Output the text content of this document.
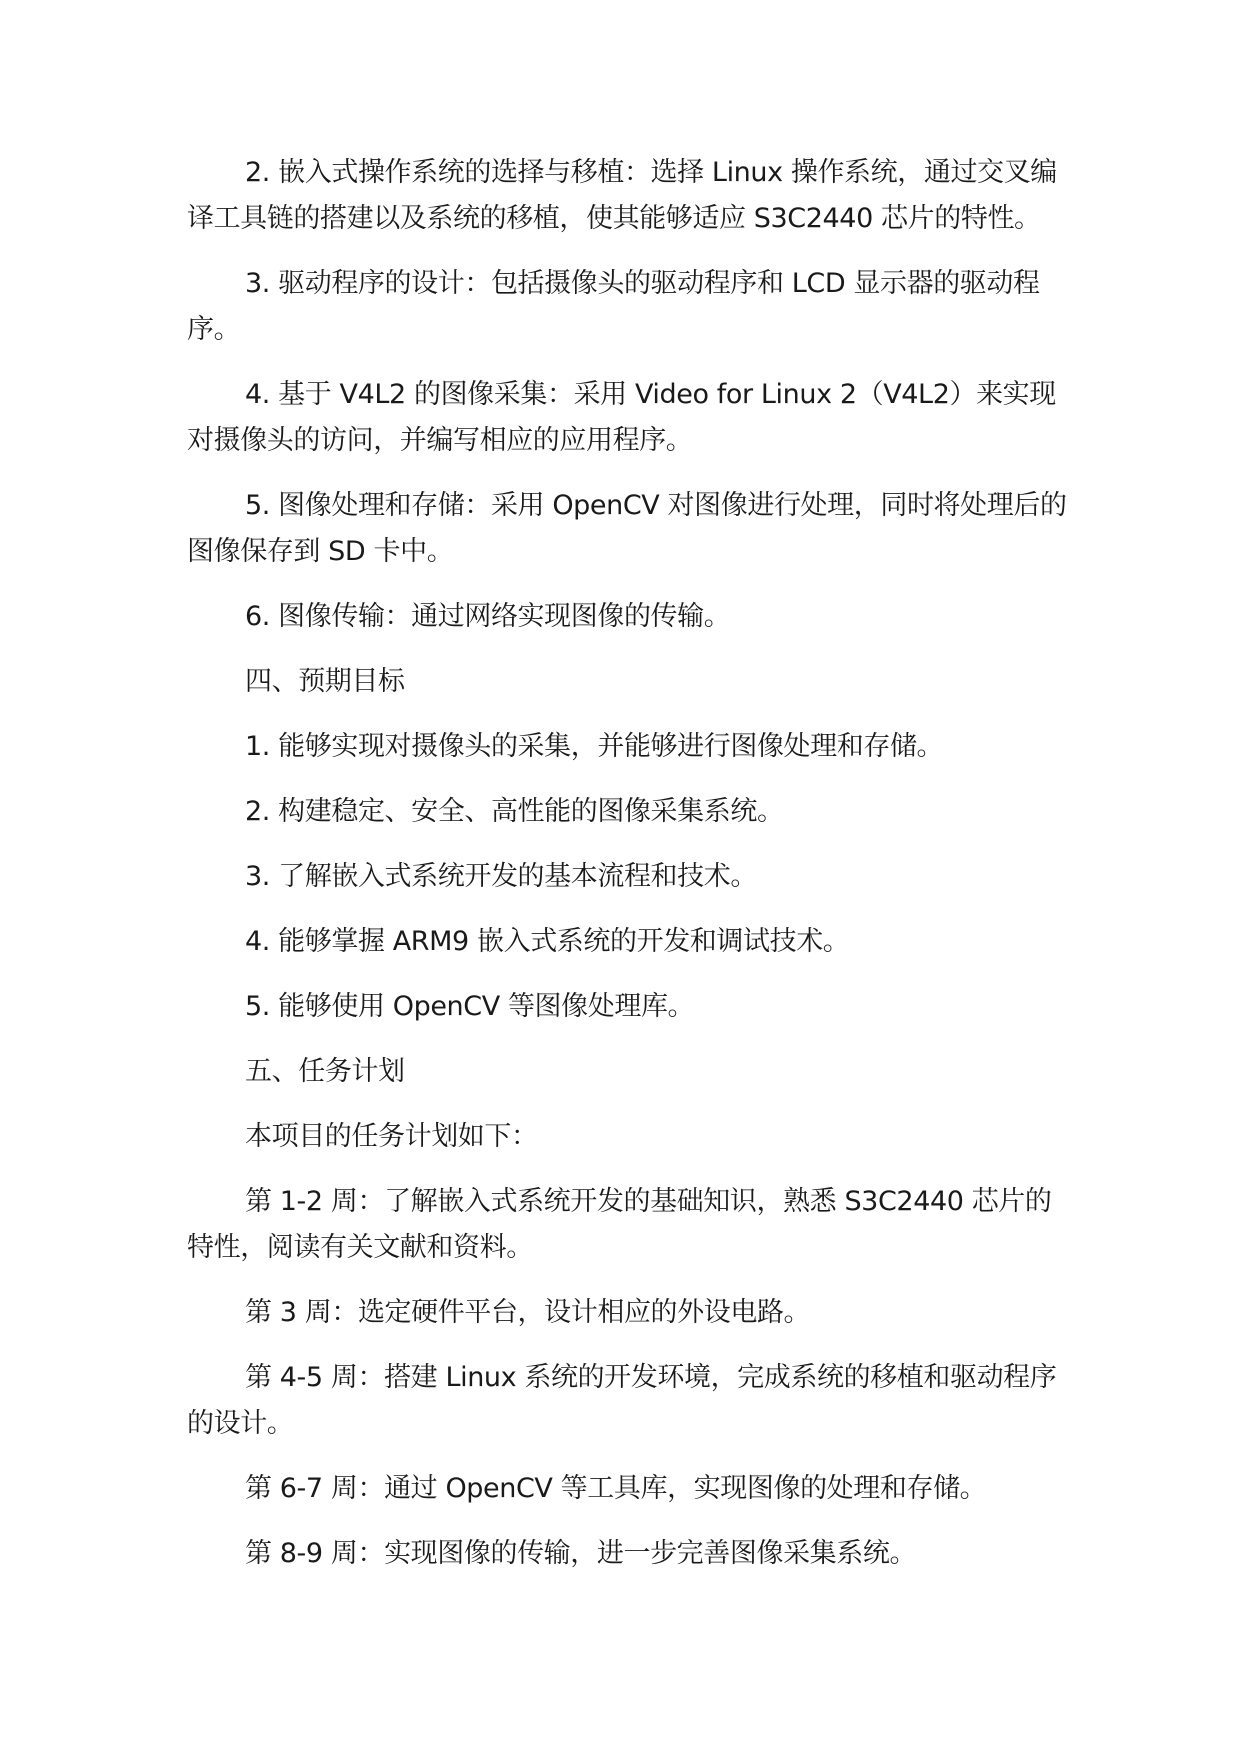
2. 嵌入式操作系统的选择与移植：选择 Linux 操作系统，通过交叉编译工具链的搭建以及系统的移植，使其能够适应 S3C2440 芯片的特性。

3. 驱动程序的设计：包括摄像头的驱动程序和 LCD 显示器的驱动程序。

4. 基于 V4L2 的图像采集：采用 Video for Linux 2（V4L2）来实现对摄像头的访问，并编写相应的应用程序。

5. 图像处理和存储：采用 OpenCV 对图像进行处理，同时将处理后的图像保存到 SD 卡中。

6. 图像传输：通过网络实现图像的传输。

四、预期目标

1. 能够实现对摄像头的采集，并能够进行图像处理和存储。

2. 构建稳定、安全、高性能的图像采集系统。

3. 了解嵌入式系统开发的基本流程和技术。

4. 能够掌握 ARM9 嵌入式系统的开发和调试技术。

5. 能够使用 OpenCV 等图像处理库。

五、任务计划

本项目的任务计划如下：

第 1-2 周：了解嵌入式系统开发的基础知识，熟悉 S3C2440 芯片的特性，阅读有关文献和资料。

第 3 周：选定硬件平台，设计相应的外设电路。

第 4-5 周：搭建 Linux 系统的开发环境，完成系统的移植和驱动程序的设计。

第 6-7 周：通过 OpenCV 等工具库，实现图像的处理和存储。

第 8-9 周：实现图像的传输，进一步完善图像采集系统。
